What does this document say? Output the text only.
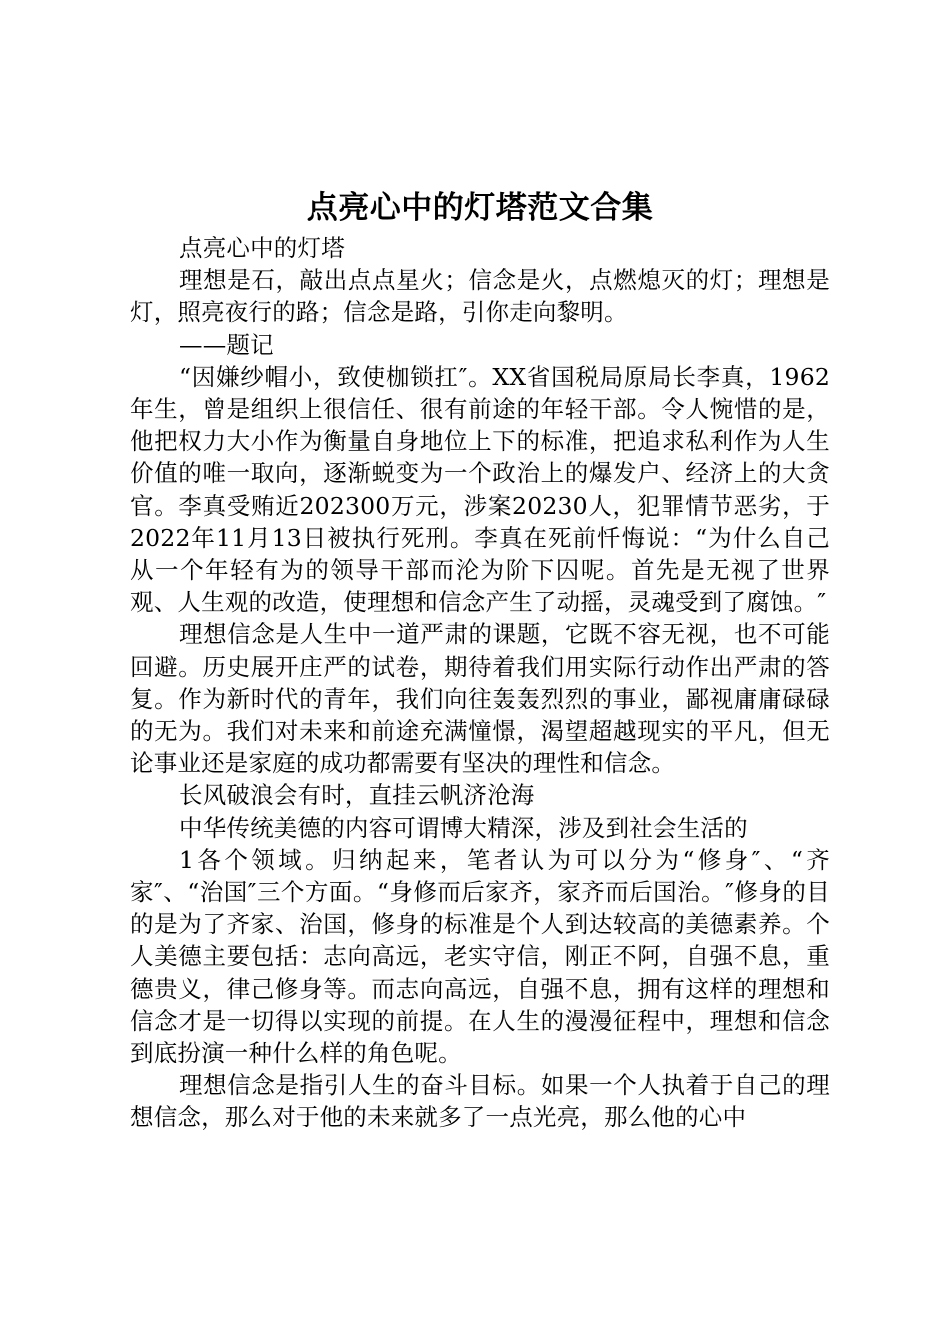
点亮心中的灯塔范文合集

点亮心中的灯塔

理想是石，敲出点点星火；信念是火，点燃熄灭的灯；理想是灯，照亮夜行的路；信念是路，引你走向黎明。

——题记

“因嫌纱帽小，致使枷锁扛″。XX省国税局原局长李真，1962年生，曾是组织上很信任、很有前途的年轻干部。令人惋惜的是，他把权力大小作为衡量自身地位上下的标准，把追求私利作为人生价值的唯一取向，逐渐蜕变为一个政治上的爆发户、经济上的大贪官。李真受贿近202300万元，涉案20230人，犯罪情节恶劣，于2022年11月13日被执行死刑。李真在死前忏悔说：“为什么自己从一个年轻有为的领导干部而沦为阶下囚呢。首先是无视了世界观、人生观的改造，使理想和信念产生了动摇，灵魂受到了腐蚀。″

理想信念是人生中一道严肃的课题，它既不容无视，也不可能回避。历史展开庄严的试卷，期待着我们用实际行动作出严肃的答复。作为新时代的青年，我们向往轰轰烈烈的事业，鄙视庸庸碌碌的无为。我们对未来和前途充满憧憬，渴望超越现实的平凡，但无论事业还是家庭的成功都需要有坚决的理性和信念。

长风破浪会有时，直挂云帆济沧海

中华传统美德的内容可谓博大精深，涉及到社会生活的

1各个领域。归纳起来，笔者认为可以分为“修身″、“齐家″、“治国″三个方面。“身修而后家齐，家齐而后国治。″修身的目的是为了齐家、治国，修身的标准是个人到达较高的美德素养。个人美德主要包括：志向高远，老实守信，刚正不阿，自强不息，重德贵义，律己修身等。而志向高远，自强不息，拥有这样的理想和信念才是一切得以实现的前提。在人生的漫漫征程中，理想和信念到底扮演一种什么样的角色呢。

理想信念是指引人生的奋斗目标。如果一个人执着于自己的理想信念，那么对于他的未来就多了一点光亮，那么他的心中
